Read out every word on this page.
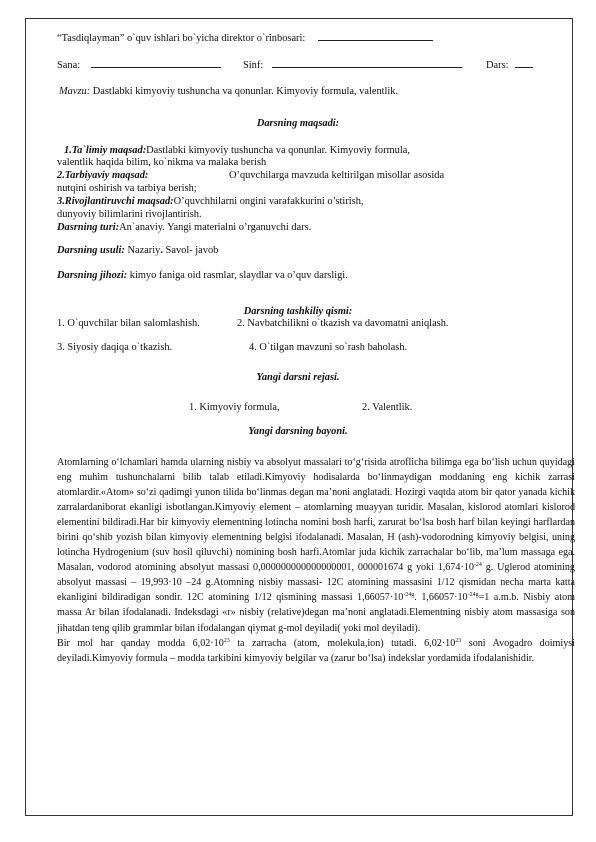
“Tasdiqlayman” o`quv ishlari bo`yicha direktor o`rinbosari:
Sana:	Sinf:	Dars:
Mavzu: Dastlabki kimyoviy tushuncha va qonunlar. Kimyoviy formula, valentlik.
Darsning maqsadi:
1.Ta`limiy maqsad:Dastlabki kimyoviy tushuncha va qonunlar. Kimyoviy formula,
valentlik haqida bilim, ko`nikma va malaka berish
2.Tarbiyaviy maqsad:	O’quvchilarga mavzuda keltirilgan misollar asosida
nutqini oshirish va tarbiya berish;
3.Rivojlantiruvchi maqsad:O’quvchhilarni ongini varafakkurini o’stirish,
dunyoviy bilimlarini rivojlantirish.
Dasrning turi:An`anaviy. Yangi materialni o’rganuvchi dars.
Darsning usuli: Nazariy. Savol- javob
Darsning jihozi: kimyo faniga oid rasmlar, slaydlar va o’quv darsligi.
Darsning tashkiliy qismi:
1. O`quvchilar bilan salomlashish.	2. Navbatchilikni o`tkazish va davomatni aniqlash.
3. Siyosiy daqiqa o`tkazish.	4. O`tilgan mavzuni so`rash baholash.
Yangi darsni rejasi.
1. Kimyoviy formula,	2. Valentlik.
Yangi darsning bayoni.

Atomlarning o‘lchamlari hamda ularning nisbiy va absolyut massalari to‘g‘risida atroflicha bilimga ega bo‘lish uchun quyidagi eng muhim tushunchalarni bilib talab etiladi.Kimyoviy hodisalarda bo‘linmaydigan moddaning eng kichik zarrasi atomlardir.«Atom» so‘zi qadimgi yunon tilida bo‘linmas degan ma’noni anglatadi. Hozirgi vaqtda atom bir qator yanada kichik zarralardaniborat ekanligi isbotlangan.Kimyoviy element – atomlarning muayyan turidir. Masalan, kislorod atomlari kislorod elementini bildiradi.Har bir kimyoviy elementning lotincha nomini bosh harfi, zarurat bo‘lsa bosh harf bilan keyingi harflardan birini qo‘shib yozish bilan kimyoviy elementning belgisi ifodalanadi. Masalan, H (ash)-vodorodning kimyoviy belgisi, uning lotincha Hydrogenium (suv hosil qiluvchi) nomining bosh harfi.Atomlar juda kichik zarrachalar bo‘lib, ma’lum massaga ega. Masalan, vodorod atomining absolyut massasi 0,000000000000000001, 000001674 g yoki $1,674\cdot 10^{-24}$ g. Uglerod atomining absolyut massasi – 19,993·10 –24 g.Atomning nisbiy massasi- 12C atomining massasini 1/12 qismidan necha marta katta ekanligini bildiradigan sondir. 12C atomining 1/12 qismining massasi $1,66057\cdot 10^{-24g}$. $1,66057\cdot 10^{-24g}=1$ a.m.b. Nisbiy atom massa Ar bilan ifodalanadi. Indeksdagi «r» nisbiy (relative)degan ma’noni anglatadi.Elementning nisbiy atom massasiga son jihatdan teng qilib grammlar bilan ifodalangan qiymat g-mol deyiladi( yoki mol deyiladi).

Bir mol har qanday modda $6,02\cdot 10^{23}$ ta zarracha (atom, molekula,ion) tutadi. $6,02\cdot 10^{23}$ soni Avogadro doimiysi deyiladi.Kimyoviy formula – modda tarkibini kimyoviy belgilar va (zarur bo‘lsa) indekslar yordamida ifodalanishidir.
